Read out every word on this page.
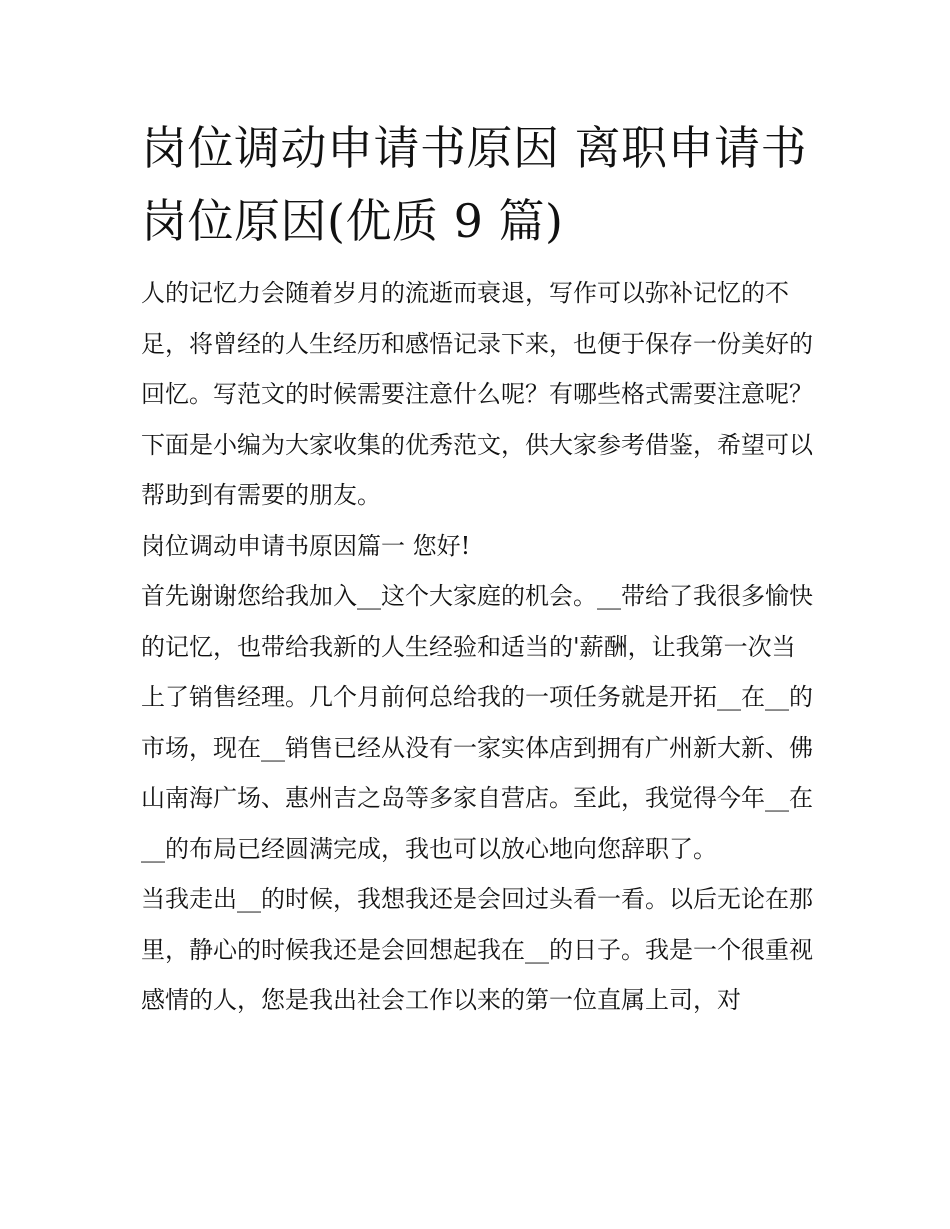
岗位调动申请书原因 离职申请书岗位原因(优质 9 篇)

人的记忆力会随着岁月的流逝而衰退，写作可以弥补记忆的不足，将曾经的人生经历和感悟记录下来，也便于保存一份美好的回忆。写范文的时候需要注意什么呢？有哪些格式需要注意呢？下面是小编为大家收集的优秀范文，供大家参考借鉴，希望可以帮助到有需要的朋友。

岗位调动申请书原因篇一 您好!

首先谢谢您给我加入__这个大家庭的机会。__带给了我很多愉快的记忆，也带给我新的人生经验和适当的'薪酬，让我第一次当上了销售经理。几个月前何总给我的一项任务就是开拓__在__的市场，现在__销售已经从没有一家实体店到拥有广州新大新、佛山南海广场、惠州吉之岛等多家自营店。至此，我觉得今年__在__的布局已经圆满完成，我也可以放心地向您辞职了。

当我走出__的时候，我想我还是会回过头看一看。以后无论在那里，静心的时候我还是会回想起我在__的日子。我是一个很重视感情的人，您是我出社会工作以来的第一位直属上司，对
